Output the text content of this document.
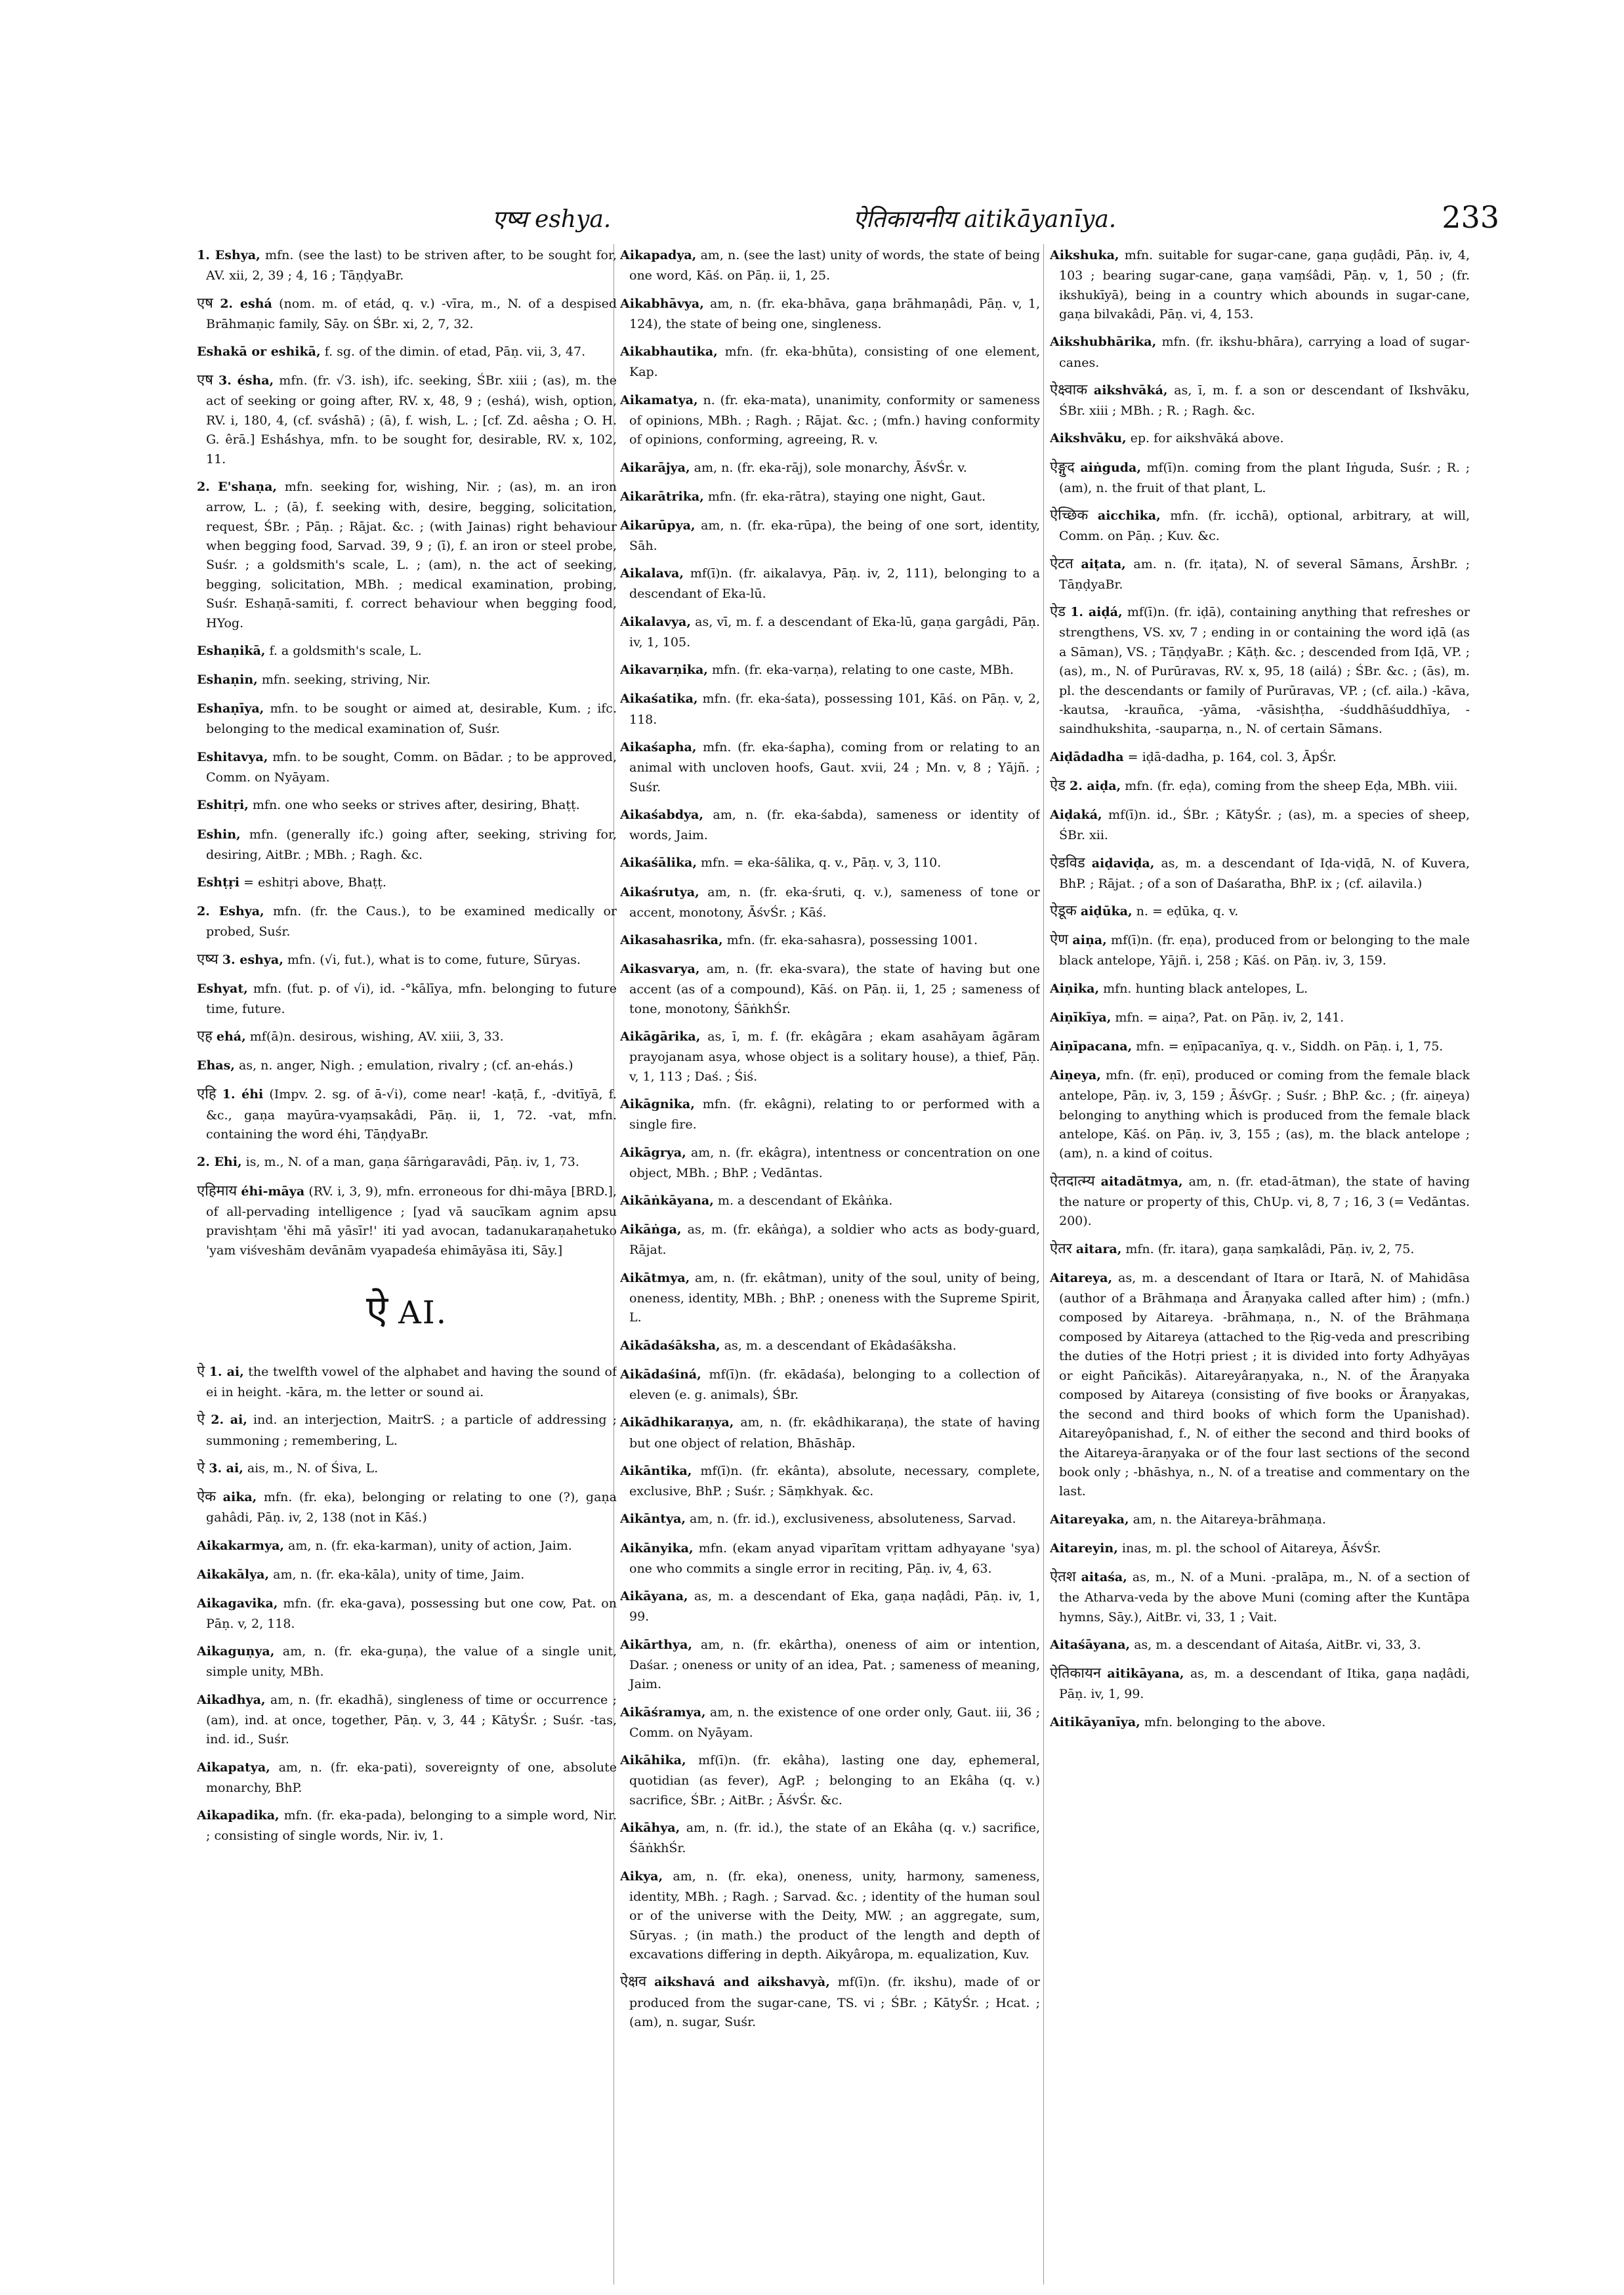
एष्य eshya.	ऐतिकायनीय aitikāyanīya.	233

1. Eshya, mfn. (see the last) to be striven after, to be sought for, AV. xii, 2, 39 ; 4, 16 ; TāṇḍyaBr.

एष 2. eshá (nom. m. of etád, q. v.) -vīra, m., N. of a despised Brāhmaṇic family, Sāy. on ŚBr. xi, 2, 7, 32.

Eshakā or eshikā, f. sg. of the dimin. of etad, Pāṇ. vii, 3, 47.

एष 3. ésha, mfn. (fr. √3. ish), ifc. seeking, ŚBr. xiii ; (as), m. the act of seeking or going after, RV. x, 48, 9 ; (eshá), wish, option, RV. i, 180, 4, (cf. svá́shā) ; (ā), f. wish, L. ; [cf. Zd. aêsha ; O. H. G. êrā.] Eshá́shya, mfn. to be sought for, desirable, RV. x, 102, 11.

2. E'shaṇa, mfn. seeking for, wishing, Nir. ; (as), m. an iron arrow, L. ; (ā), f. seeking with, desire, begging, solicitation, request, ŚBr. ; Pāṇ. ; Rājat. &c. ; (with Jainas) right behaviour when begging food, Sarvad. 39, 9 ; (ī), f. an iron or steel probe, Suśr. ; a goldsmith's scale, L. ; (am), n. the act of seeking, begging, solicitation, MBh. ; medical examination, probing, Suśr. Eshaṇā-samiti, f. correct behaviour when begging food, HYog.

Eshaṇikā, f. a goldsmith's scale, L.

Eshaṇin, mfn. seeking, striving, Nir.

Eshaṇīya, mfn. to be sought or aimed at, desirable, Kum. ; ifc. belonging to the medical examination of, Suśr.

Eshitavya, mfn. to be sought, Comm. on Bādar. ; to be approved, Comm. on Nyāyam.

Eshitṛi, mfn. one who seeks or strives after, desiring, Bhaṭṭ.

Eshin, mfn. (generally ifc.) going after, seeking, striving for, desiring, AitBr. ; MBh. ; Ragh. &c.

Eshṭṛi = eshitṛi above, Bhaṭṭ.

2. Eshya, mfn. (fr. the Caus.), to be examined medically or probed, Suśr.

एष्य 3. eshya, mfn. (√i, fut.), what is to come, future, Sūryas.

Eshyat, mfn. (fut. p. of √i), id. -°kālīya, mfn. belonging to future time, future.

एह ehá, mf(ā)n. desirous, wishing, AV. xiii, 3, 33.

Ehas, as, n. anger, Nigh. ; emulation, rivalry ; (cf. an-ehás.)

एहि 1. éhi (Impv. 2. sg. of ā-√i), come near! -kaṭā, f., -dvitīyā, f. &c., gaṇa mayūra-vyaṃsakâdi, Pāṇ. ii, 1, 72. -vat, mfn. containing the word éhi, TāṇḍyaBr.

2. Ehi, is, m., N. of a man, gaṇa śārṅgaravâdi, Pāṇ. iv, 1, 73.

एहिमाय éhi-māya (RV. i, 3, 9), mfn. erroneous for dhi-māya [BRD.], of all-pervading intelligence ; [yad vā saucīkam agnim apsu pravishṭam 'ěhi mā yāsīr!' iti yad avocan, tadanukaraṇahetuko 'yam viśveshām devānām vyapadeśa ehimāyāsa iti, Sāy.]

ऐ AI.

ऐ 1. ai, the twelfth vowel of the alphabet and having the sound of ei in height. -kāra, m. the letter or sound ai.

ऐ 2. ai, ind. an interjection, MaitrS. ; a particle of addressing ; summoning ; remembering, L.

ऐ 3. ai, ais, m., N. of Śiva, L.

ऐक aika, mfn. (fr. eka), belonging or relating to one (?), gaṇa gahâdi, Pāṇ. iv, 2, 138 (not in Kāś.)

Aikakarmya, am, n. (fr. eka-karman), unity of action, Jaim.

Aikakālya, am, n. (fr. eka-kāla), unity of time, Jaim.

Aikagavika, mfn. (fr. eka-gava), possessing but one cow, Pat. on Pāṇ. v, 2, 118.

Aikaguṇya, am, n. (fr. eka-guṇa), the value of a single unit, simple unity, MBh.

Aikadhya, am, n. (fr. ekadhā), singleness of time or occurrence ; (am), ind. at once, together, Pāṇ. v, 3, 44 ; KātyŚr. ; Suśr. -tas, ind. id., Suśr.

Aikapatya, am, n. (fr. eka-pati), sovereignty of one, absolute monarchy, BhP.

Aikapadika, mfn. (fr. eka-pada), belonging to a simple word, Nir. ; consisting of single words, Nir. iv, 1.

Aikapadya, am, n. (see the last) unity of words, the state of being one word, Kāś. on Pāṇ. ii, 1, 25.

Aikabhāvya, am, n. (fr. eka-bhāva, gaṇa brāhmaṇâdi, Pāṇ. v, 1, 124), the state of being one, singleness.

Aikabhautika, mfn. (fr. eka-bhūta), consisting of one element, Kap.

Aikamatya, n. (fr. eka-mata), unanimity, conformity or sameness of opinions, MBh. ; Ragh. ; Rājat. &c. ; (mfn.) having conformity of opinions, conforming, agreeing, R. v.

Aikarājya, am, n. (fr. eka-rāj), sole monarchy, ĀśvŚr. v.

Aikarātrika, mfn. (fr. eka-rātra), staying one night, Gaut.

Aikarūpya, am, n. (fr. eka-rūpa), the being of one sort, identity, Sāh.

Aikalava, mf(ī)n. (fr. aikalavya, Pāṇ. iv, 2, 111), belonging to a descendant of Eka-lū.

Aikalavya, as, vī, m. f. a descendant of Eka-lū, gaṇa gargâdi, Pāṇ. iv, 1, 105.

Aikavarṇika, mfn. (fr. eka-varṇa), relating to one caste, MBh.

Aikaśatika, mfn. (fr. eka-śata), possessing 101, Kāś. on Pāṇ. v, 2, 118.

Aikaśapha, mfn. (fr. eka-śapha), coming from or relating to an animal with uncloven hoofs, Gaut. xvii, 24 ; Mn. v, 8 ; Yājñ. ; Suśr.

Aikaśabdya, am, n. (fr. eka-śabda), sameness or identity of words, Jaim.

Aikaśālika, mfn. = eka-śālika, q. v., Pāṇ. v, 3, 110.

Aikaśrutya, am, n. (fr. eka-śruti, q. v.), sameness of tone or accent, monotony, ĀśvŚr. ; Kāś.

Aikasahasrika, mfn. (fr. eka-sahasra), possessing 1001.

Aikasvarya, am, n. (fr. eka-svara), the state of having but one accent (as of a compound), Kāś. on Pāṇ. ii, 1, 25 ; sameness of tone, monotony, ŚāṅkhŚr.

Aikāgārika, as, ī, m. f. (fr. ekâgāra ; ekam asahāyam āgāram prayojanam asya, whose object is a solitary house), a thief, Pāṇ. v, 1, 113 ; Daś. ; Śiś.

Aikāgnika, mfn. (fr. ekâgni), relating to or performed with a single fire.

Aikāgrya, am, n. (fr. ekâgra), intentness or concentration on one object, MBh. ; BhP. ; Vedāntas.

Aikāṅkāyana, m. a descendant of Ekâṅka.

Aikāṅga, as, m. (fr. ekâṅga), a soldier who acts as body-guard, Rājat.

Aikātmya, am, n. (fr. ekâtman), unity of the soul, unity of being, oneness, identity, MBh. ; BhP. ; oneness with the Supreme Spirit, L.

Aikādaśāksha, as, m. a descendant of Ekâdaśāksha.

Aikādaśiná, mf(ī)n. (fr. ekādaśa), belonging to a collection of eleven (e. g. animals), ŚBr.

Aikādhikaraṇya, am, n. (fr. ekâdhikaraṇa), the state of having but one object of relation, Bhāshāp.

Aikāntika, mf(ī)n. (fr. ekânta), absolute, necessary, complete, exclusive, BhP. ; Suśr. ; Sāṃkhyak. &c.

Aikāntya, am, n. (fr. id.), exclusiveness, absoluteness, Sarvad.

Aikānyika, mfn. (ekam anyad viparītam vṛittam adhyayane 'sya) one who commits a single error in reciting, Pāṇ. iv, 4, 63.

Aikāyana, as, m. a descendant of Eka, gaṇa naḍâdi, Pāṇ. iv, 1, 99.

Aikārthya, am, n. (fr. ekârtha), oneness of aim or intention, Daśar. ; oneness or unity of an idea, Pat. ; sameness of meaning, Jaim.

Aikāśramya, am, n. the existence of one order only, Gaut. iii, 36 ; Comm. on Nyāyam.

Aikāhika, mf(ī)n. (fr. ekâha), lasting one day, ephemeral, quotidian (as fever), AgP. ; belonging to an Ekâha (q. v.) sacrifice, ŚBr. ; AitBr. ; ĀśvŚr. &c.

Aikāhya, am, n. (fr. id.), the state of an Ekâha (q. v.) sacrifice, ŚāṅkhŚr.

Aikya, am, n. (fr. eka), oneness, unity, harmony, sameness, identity, MBh. ; Ragh. ; Sarvad. &c. ; identity of the human soul or of the universe with the Deity, MW. ; an aggregate, sum, Sūryas. ; (in math.) the product of the length and depth of excavations differing in depth. Aikyâropa, m. equalization, Kuv.

ऐक्षव aikshavá and aikshavyà, mf(ī)n. (fr. ikshu), made of or produced from the sugar-cane, TS. vi ; ŚBr. ; KātyŚr. ; Hcat. ; (am), n. sugar, Suśr.

Aikshuka, mfn. suitable for sugar-cane, gaṇa guḍâdi, Pāṇ. iv, 4, 103 ; bearing sugar-cane, gaṇa vaṃśâdi, Pāṇ. v, 1, 50 ; (fr. ikshukīyā), being in a country which abounds in sugar-cane, gaṇa bilvakâdi, Pāṇ. vi, 4, 153.

Aikshubhārika, mfn. (fr. ikshu-bhāra), carrying a load of sugar-canes.

ऐक्ष्वाक aikshvāká, as, ī, m. f. a son or descendant of Ikshvāku, ŚBr. xiii ; MBh. ; R. ; Ragh. &c.

Aikshvāku, ep. for aikshvāká above.

ऐङ्गुद aiṅguda, mf(ī)n. coming from the plant Iṅguda, Suśr. ; R. ; (am), n. the fruit of that plant, L.

ऐच्छिक aicchika, mfn. (fr. icchā), optional, arbitrary, at will, Comm. on Pāṇ. ; Kuv. &c.

ऐटत aiṭata, am. n. (fr. iṭata), N. of several Sāmans, ĀrshBr. ; TāṇḍyaBr.

ऐड 1. aiḍá, mf(ī)n. (fr. iḍā), containing anything that refreshes or strengthens, VS. xv, 7 ; ending in or containing the word iḍā (as a Sāman), VS. ; TāṇḍyaBr. ; Kāṭh. &c. ; descended from Iḍā, VP. ; (as), m., N. of Purūravas, RV. x, 95, 18 (ailá) ; ŚBr. &c. ; (ās), m. pl. the descendants or family of Purūravas, VP. ; (cf. aila.) -kāva, -kautsa, -krauñca, -yāma, -vāsishṭha, -śuddhāśuddhīya, -saindhukshita, -sauparṇa, n., N. of certain Sāmans.

Aiḍādadha = iḍā-dadha, p. 164, col. 3, ĀpŚr.

ऐड 2. aiḍa, mfn. (fr. eḍa), coming from the sheep Eḍa, MBh. viii.

Aiḍaká, mf(ī)n. id., ŚBr. ; KātyŚr. ; (as), m. a species of sheep, ŚBr. xii.

ऐडविड aiḍaviḍa, as, m. a descendant of Iḍa-viḍā, N. of Kuvera, BhP. ; Rājat. ; of a son of Daśaratha, BhP. ix ; (cf. ailavila.)

ऐडूक aiḍūka, n. = eḍūka, q. v.

ऐण aiṇa, mf(ī)n. (fr. eṇa), produced from or belonging to the male black antelope, Yājñ. i, 258 ; Kāś. on Pāṇ. iv, 3, 159.

Aiṇika, mfn. hunting black antelopes, L.

Aiṇīkīya, mfn. = aiṇa?, Pat. on Pāṇ. iv, 2, 141.

Aiṇīpacana, mfn. = eṇīpacanīya, q. v., Siddh. on Pāṇ. i, 1, 75.

Aiṇeya, mfn. (fr. eṇī), produced or coming from the female black antelope, Pāṇ. iv, 3, 159 ; ĀśvGṛ. ; Suśr. ; BhP. &c. ; (fr. aiṇeya) belonging to anything which is produced from the female black antelope, Kāś. on Pāṇ. iv, 3, 155 ; (as), m. the black antelope ; (am), n. a kind of coitus.

ऐतदात्म्य aitadātmya, am, n. (fr. etad-ātman), the state of having the nature or property of this, ChUp. vi, 8, 7 ; 16, 3 (= Vedāntas. 200).

ऐतर aitara, mfn. (fr. itara), gaṇa saṃkalâdi, Pāṇ. iv, 2, 75.

Aitareya, as, m. a descendant of Itara or Itarā, N. of Mahidāsa (author of a Brāhmaṇa and Āraṇyaka called after him) ; (mfn.) composed by Aitareya. -brāhmaṇa, n., N. of the Brāhmaṇa composed by Aitareya (attached to the Ṛig-veda and prescribing the duties of the Hotṛi priest ; it is divided into forty Adhyāyas or eight Pañcikās). Aitareyâraṇyaka, n., N. of the Āraṇyaka composed by Aitareya (consisting of five books or Āraṇyakas, the second and third books of which form the Upanishad). Aitareyôpanishad, f., N. of either the second and third books of the Aitareya-āraṇyaka or of the four last sections of the second book only ; -bhāshya, n., N. of a treatise and commentary on the last.

Aitareyaka, am, n. the Aitareya-brāhmaṇa.

Aitareyin, inas, m. pl. the school of Aitareya, ĀśvŚr.

ऐतश aitaśa, as, m., N. of a Muni. -pralāpa, m., N. of a section of the Atharva-veda by the above Muni (coming after the Kuntāpa hymns, Sāy.), AitBr. vi, 33, 1 ; Vait.

Aitaśāyana, as, m. a descendant of Aitaśa, AitBr. vi, 33, 3.

ऐतिकायन aitikāyana, as, m. a descendant of Itika, gaṇa naḍâdi, Pāṇ. iv, 1, 99.

Aitikāyanīya, mfn. belonging to the above.
